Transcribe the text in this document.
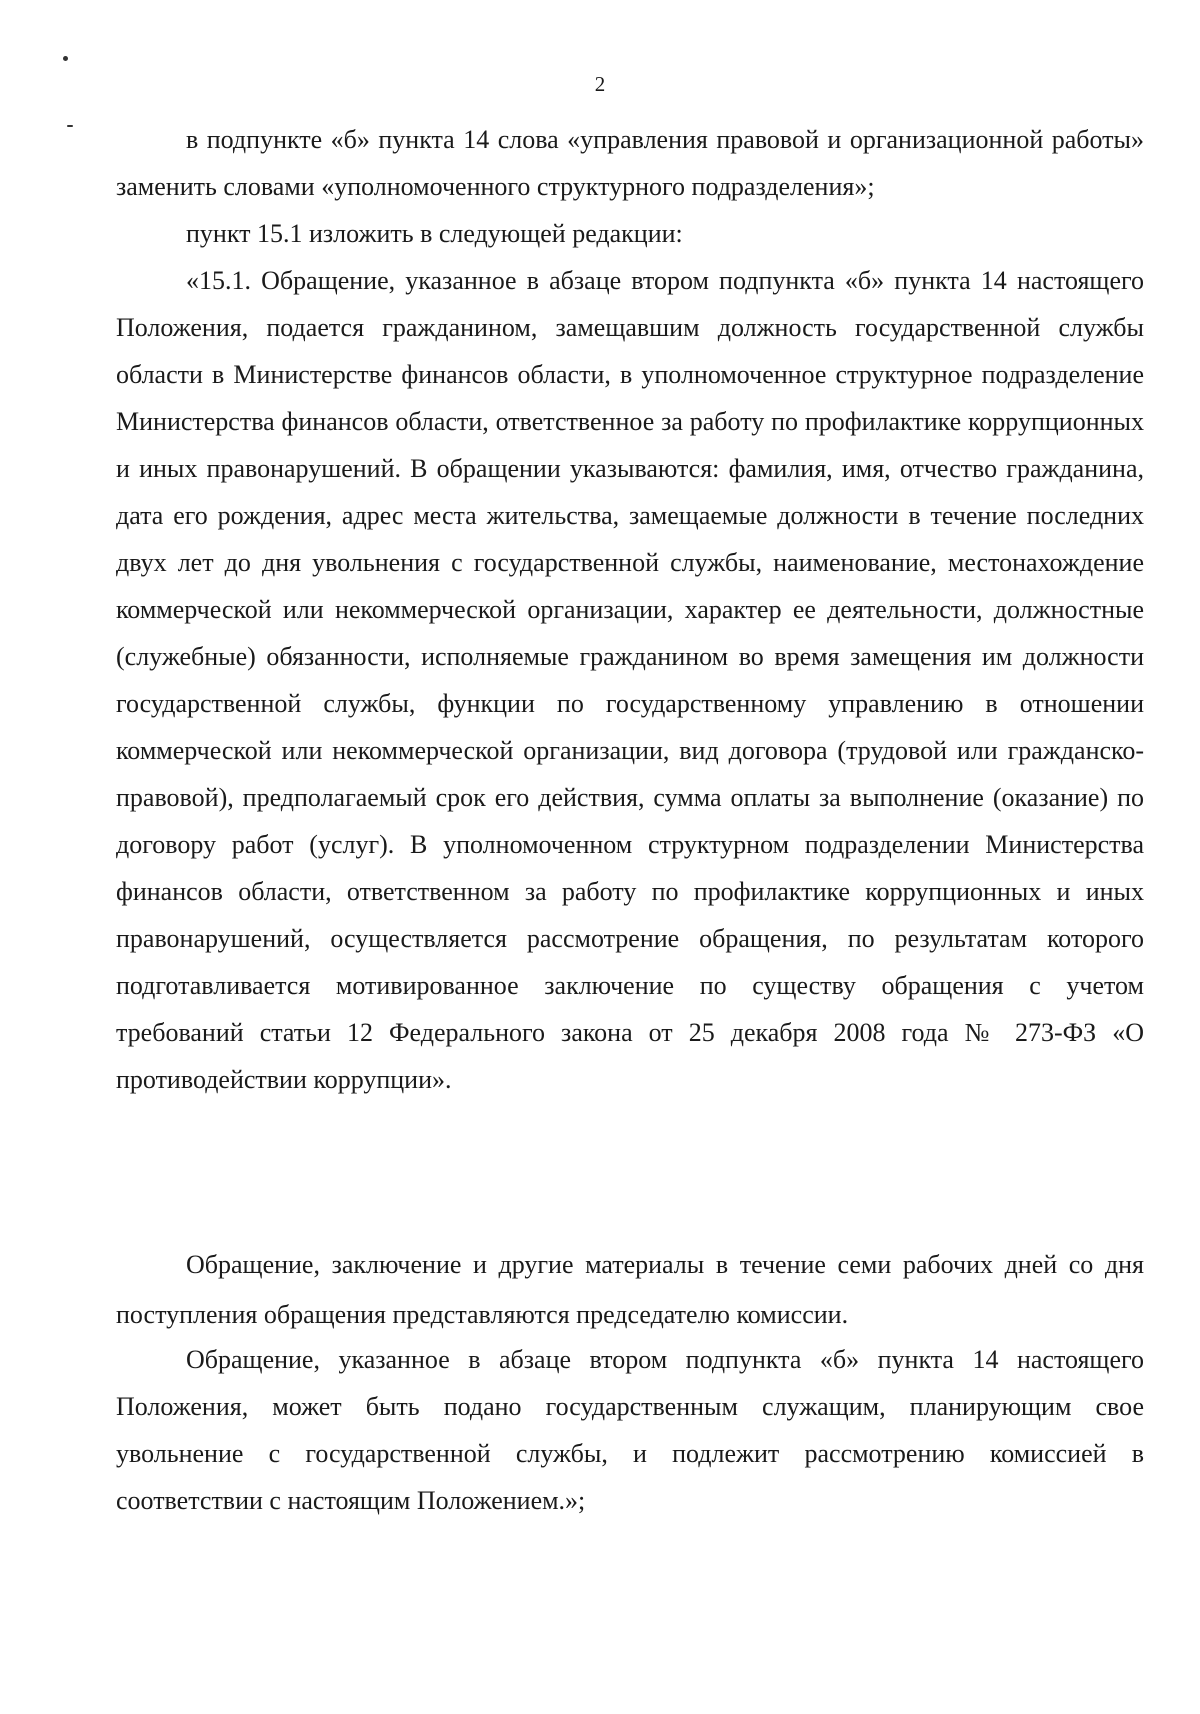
2

в подпункте «б» пункта 14 слова «управления правовой и организационной работы» заменить словами «уполномоченного структурного подразделения»;

пункт 15.1 изложить в следующей редакции:

«15.1. Обращение, указанное в абзаце втором подпункта «б» пункта 14 настоящего Положения, подается гражданином, замещавшим должность государственной службы области в Министерстве финансов области, в уполномоченное структурное подразделение Министерства финансов области, ответственное за работу по профилактике коррупционных и иных правонарушений. В обращении указываются: фамилия, имя, отчество гражданина, дата его рождения, адрес места жительства, замещаемые должности в течение последних двух лет до дня увольнения с государственной службы, наименование, местонахождение коммерческой или некоммерческой организации, характер ее деятельности, должностные (служебные) обязанности, исполняемые гражданином во время замещения им должности государственной службы, функции по государственному управлению в отношении коммерческой или некоммерческой организации, вид договора (трудовой или гражданско-правовой), предполагаемый срок его действия, сумма оплаты за выполнение (оказание) по договору работ (услуг). В уполномоченном структурном подразделении Министерства финансов области, ответственном за работу по профилактике коррупционных и иных правонарушений, осуществляется рассмотрение обращения, по результатам которого подготавливается мотивированное заключение по существу обращения с учетом требований статьи 12 Федерального закона от 25 декабря 2008 года № 273-ФЗ «О противодействии коррупции».

Обращение, заключение и другие материалы в течение семи рабочих дней со дня поступления обращения представляются председателю комиссии.

Обращение, указанное в абзаце втором подпункта «б» пункта 14 настоящего Положения, может быть подано государственным служащим, планирующим свое увольнение с государственной службы, и подлежит рассмотрению комиссией в соответствии с настоящим Положением.»;
